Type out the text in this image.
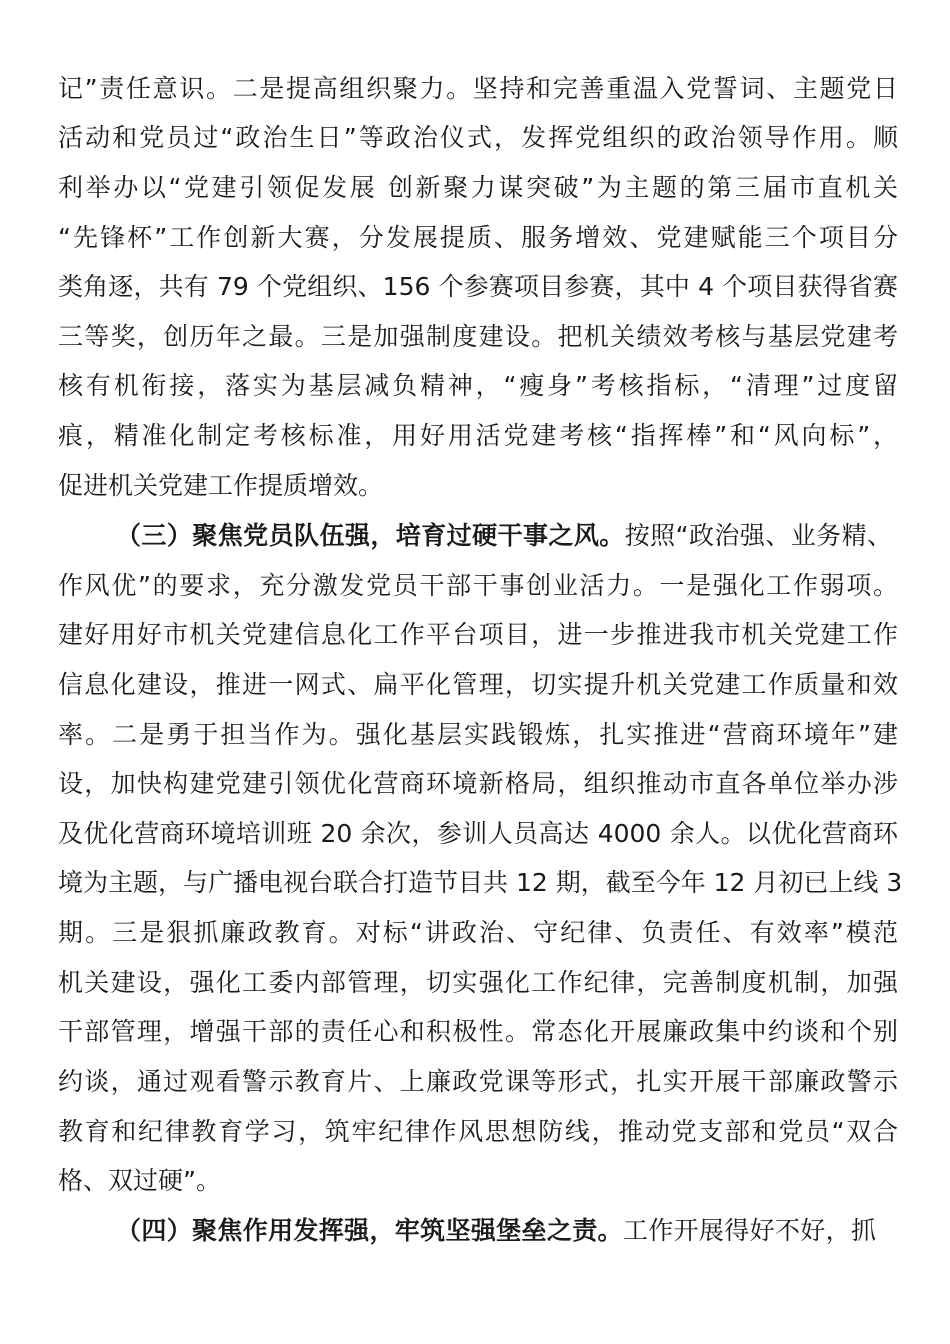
记”责任意识。二是提高组织聚力。坚持和完善重温入党誓词、主题党日
活动和党员过“政治生日”等政治仪式，发挥党组织的政治领导作用。顺
利举办以“党建引领促发展 创新聚力谋突破”为主题的第三届市直机关
“先锋杯”工作创新大赛，分发展提质、服务增效、党建赋能三个项目分
类角逐，共有 79 个党组织、156 个参赛项目参赛，其中 4 个项目获得省赛
三等奖，创历年之最。三是加强制度建设。把机关绩效考核与基层党建考
核有机衔接，落实为基层减负精神，“瘦身”考核指标，“清理”过度留
痕，精准化制定考核标准，用好用活党建考核“指挥棒”和“风向标”，
促进机关党建工作提质增效。
（三）聚焦党员队伍强，培育过硬干事之风。按照“政治强、业务精、
作风优”的要求，充分激发党员干部干事创业活力。一是强化工作弱项。
建好用好市机关党建信息化工作平台项目，进一步推进我市机关党建工作
信息化建设，推进一网式、扁平化管理，切实提升机关党建工作质量和效
率。二是勇于担当作为。强化基层实践锻炼，扎实推进“营商环境年”建
设，加快构建党建引领优化营商环境新格局，组织推动市直各单位举办涉
及优化营商环境培训班 20 余次，参训人员高达 4000 余人。以优化营商环
境为主题，与广播电视台联合打造节目共 12 期，截至今年 12 月初已上线 3
期。三是狠抓廉政教育。对标“讲政治、守纪律、负责任、有效率”模范
机关建设，强化工委内部管理，切实强化工作纪律，完善制度机制，加强
干部管理，增强干部的责任心和积极性。常态化开展廉政集中约谈和个别
约谈，通过观看警示教育片、上廉政党课等形式，扎实开展干部廉政警示
教育和纪律教育学习，筑牢纪律作风思想防线，推动党支部和党员“双合
格、双过硬”。
（四）聚焦作用发挥强，牢筑坚强堡垒之责。工作开展得好不好，抓
